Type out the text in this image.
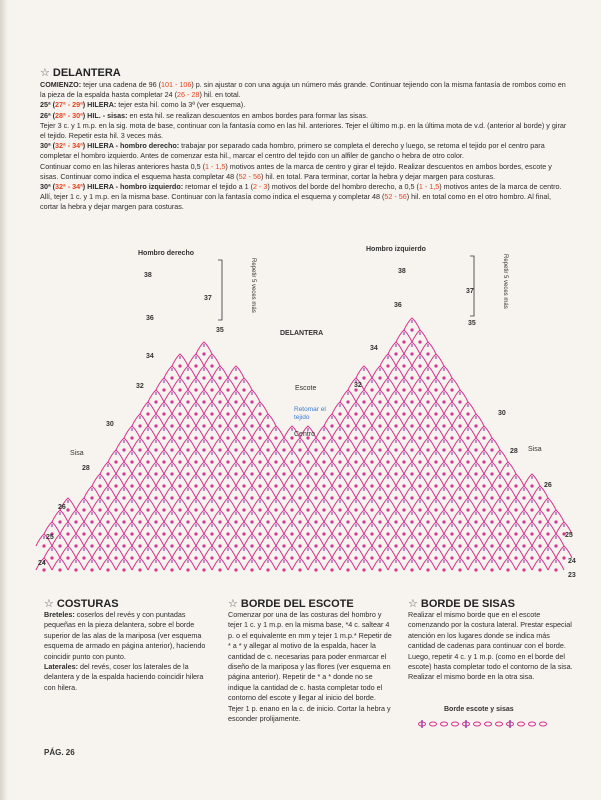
☆ DELANTERA

COMIENZO: tejer una cadena de 96 (101 - 106) p. sin ajustar o con una aguja un número más grande. Continuar tejiendo con la misma fantasía de rombos como en la pieza de la espalda hasta completar 24 (26 - 28) hil. en total.

25ª (27ª - 29ª) HILERA: tejer esta hil. como la 3ª (ver esquema).

26ª (28ª - 30ª) HIL. - sisas: en esta hil. se realizan descuentos en ambos bordes para formar las sisas.

Tejer 3 c. y 1 m.p. en la sig. mota de base, continuar con la fantasía como en las hil. anteriores. Tejer el último m.p. en la última mota de v.d. (anterior al borde) y girar el tejido. Repetir esta hil. 3 veces más.

30ª (32ª - 34ª) HILERA - hombro derecho: trabajar por separado cada hombro, primero se completa el derecho y luego, se retoma el tejido por el centro para completar el hombro izquierdo. Antes de comenzar esta hil., marcar el centro del tejido con un alfiler de gancho o hebra de otro color.

Continuar como en las hileras anteriores hasta 0,5 (1 - 1,5) motivos antes de la marca de centro y girar el tejido. Realizar descuentos en ambos bordes, escote y sisas. Continuar como indica el esquema hasta completar 48 (52 - 56) hil. en total. Para terminar, cortar la hebra y dejar margen para costuras.

30ª (32ª - 34ª) HILERA - hombro izquierdo: retomar el tejido a 1 (2 - 3) motivos del borde del hombro derecho, a 0,5 (1 - 1,5) motivos antes de la marca de centro. Allí, tejer 1 c. y 1 m.p. en la misma base. Continuar con la fantasía como indica el esquema y completar 48 (52 - 56) hil. en total como en el otro hombro. Al final, cortar la hebra y dejar margen para costuras.

Hombro derecho
Hombro izquierdo
Repetir 5 veces más	Repetir 5 veces más
DELANTERA
Escote
Retomar el tejido
Centro
Sisa
Sisa
38
37
36
35
34
32
30
28
26
25
24
38
37
36
35
34
32
30
28
26
25
24
23
☆ COSTURAS

Breteles: coserlos del revés y con puntadas pequeñas en la pieza delantera, sobre el borde superior de las alas de la mariposa (ver esquema esquema de armado en página anterior), haciendo coincidir punto con punto.

Laterales: del revés, coser los laterales de la delantera y de la espalda haciendo coincidir hilera con hilera.

☆ BORDE DEL ESCOTE

Comenzar por una de las costuras del hombro y tejer 1 c. y 1 m.p. en la misma base, *4 c. saltear 4 p. o el equivalente en mm y tejer 1 m.p.* Repetir de * a * y allegar al motivo de la espalda, hacer la cantidad de c. necesarias para poder enmarcar el diseño de la mariposa y las flores (ver esquema en página anterior). Repetir de * a * donde no se indique la cantidad de c. hasta completar todo el contorno del escote y llegar al inicio del borde. Tejer 1 p. enano en la c. de inicio. Cortar la hebra y esconder prolijamente.

☆ BORDE DE SISAS

Realizar el mismo borde que en el escote comenzando por la costura lateral. Prestar especial atención en los lugares donde se indica más cantidad de cadenas para continuar con el borde. Luego, repetir 4 c. y 1 m.p. (como en el borde del escote) hasta completar todo el contorno de la sisa.

Realizar el mismo borde en la otra sisa.

Borde escote y sisas
PÁG. 26
